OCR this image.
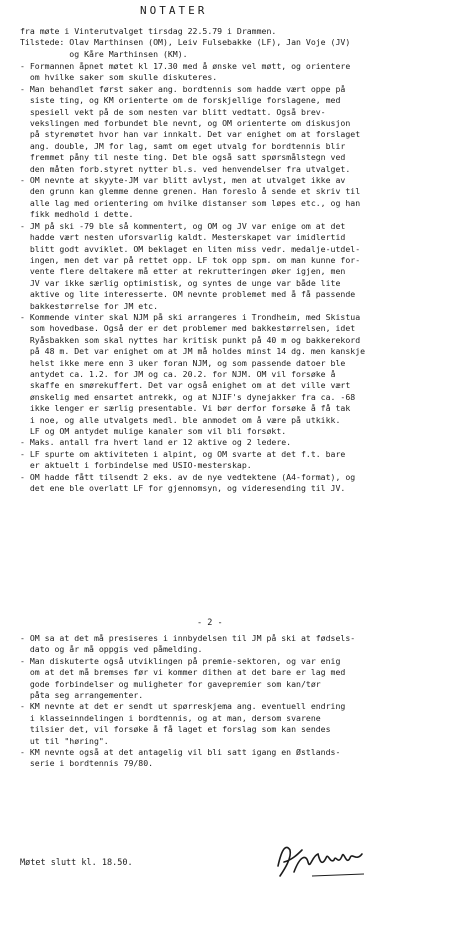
NOTATER
fra møte i Vinterutvalget tirsdag 22.5.79 i Drammen.
Tilstede: Olav Marthinsen (OM), Leiv Fulsebakke (LF), Jan Voje (JV)
og Kåre Marthinsen (KM).
- Formannen åpnet møtet kl 17.30 med å ønske vel møtt, og orientere
om hvilke saker som skulle diskuteres.
- Man behandlet først saker ang. bordtennis som hadde vært oppe på
siste ting, og KM orienterte om de forskjellige forslagene, med
spesiell vekt på de som nesten var blitt vedtatt. Også brev-
vekslingen med forbundet ble nevnt, og OM orienterte om diskusjon
på styremøtet hvor han var innkalt. Det var enighet om at forslaget
ang. double, JM for lag, samt om eget utvalg for bordtennis blir
fremmet påny til neste ting. Det ble også satt spørsmålstegn ved
den måten forb.styret nytter bl.s. ved henvendelser fra utvalget.
- OM nevnte at skyyte-JM var blitt avlyst, men at utvalget ikke av
den grunn kan glemme denne grenen. Han foreslo å sende et skriv til
alle lag med orientering om hvilke distanser som løpes etc., og han
fikk medhold i dette.
- JM på ski -79 ble så kommentert, og OM og JV var enige om at det
hadde vært nesten uforsvarlig kaldt. Mesterskapet var imidlertid
blitt godt avviklet. OM beklaget en liten miss vedr. medalje-utdel-
ingen, men det var på rettet opp. LF tok opp spm. om man kunne for-
vente flere deltakere må etter at rekrutteringen øker igjen, men
JV var ikke særlig optimistisk, og syntes de unge var både lite
aktive og lite interesserte. OM nevnte problemet med å få passende
bakkestørrelse for JM etc.
- Kommende vinter skal NJM på ski arrangeres i Trondheim, med Skistua
som hovedbase. Også der er det problemer med bakkestørrelsen, idet
Ryåsbakken som skal nyttes har kritisk punkt på 40 m og bakkerekord
på 48 m. Det var enighet om at JM må holdes minst 14 dg. men kanskje
helst ikke mere enn 3 uker foran NJM, og som passende datoer ble
antydet ca. 1.2. for JM og ca. 20.2. for NJM. OM vil forsøke å
skaffe en smørekuffert. Det var også enighet om at det ville vært
ønskelig med ensartet antrekk, og at NJIF's dynejakker fra ca. -68
ikke lenger er særlig presentable. Vi bør derfor forsøke å få tak
i noe, og alle utvalgets medl. ble anmodet om å være på utkikk.
LF og OM antydet mulige kanaler som vil bli forsøkt.
- Maks. antall fra hvert land er 12 aktive og 2 ledere.
- LF spurte om aktiviteten i alpint, og OM svarte at det f.t. bare
er aktuelt i forbindelse med USIO-mesterskap.
- OM hadde fått tilsendt 2 eks. av de nye vedtektene (A4-format), og
det ene ble overlatt LF for gjennomsyn, og videresending til JV.
- 2 -
- OM sa at det må presiseres i innbydelsen til JM på ski at fødsels-
dato og år må oppgis ved påmelding.
- Man diskuterte også utviklingen på premie-sektoren, og var enig
om at det må bremses før vi kommer dithen at det bare er lag med
gode forbindelser og muligheter for gavepremier som kan/tør
påta seg arrangementer.
- KM nevnte at det er sendt ut spørreskjema ang. eventuell endring
i klasseinndelingen i bordtennis, og at man, dersom svarene
tilsier det, vil forsøke å få laget et forslag som kan sendes
ut til "høring".
- KM nevnte også at det antagelig vil bli satt igang en Østlands-
serie i bordtennis 79/80.
Møtet slutt kl. 18.50.
